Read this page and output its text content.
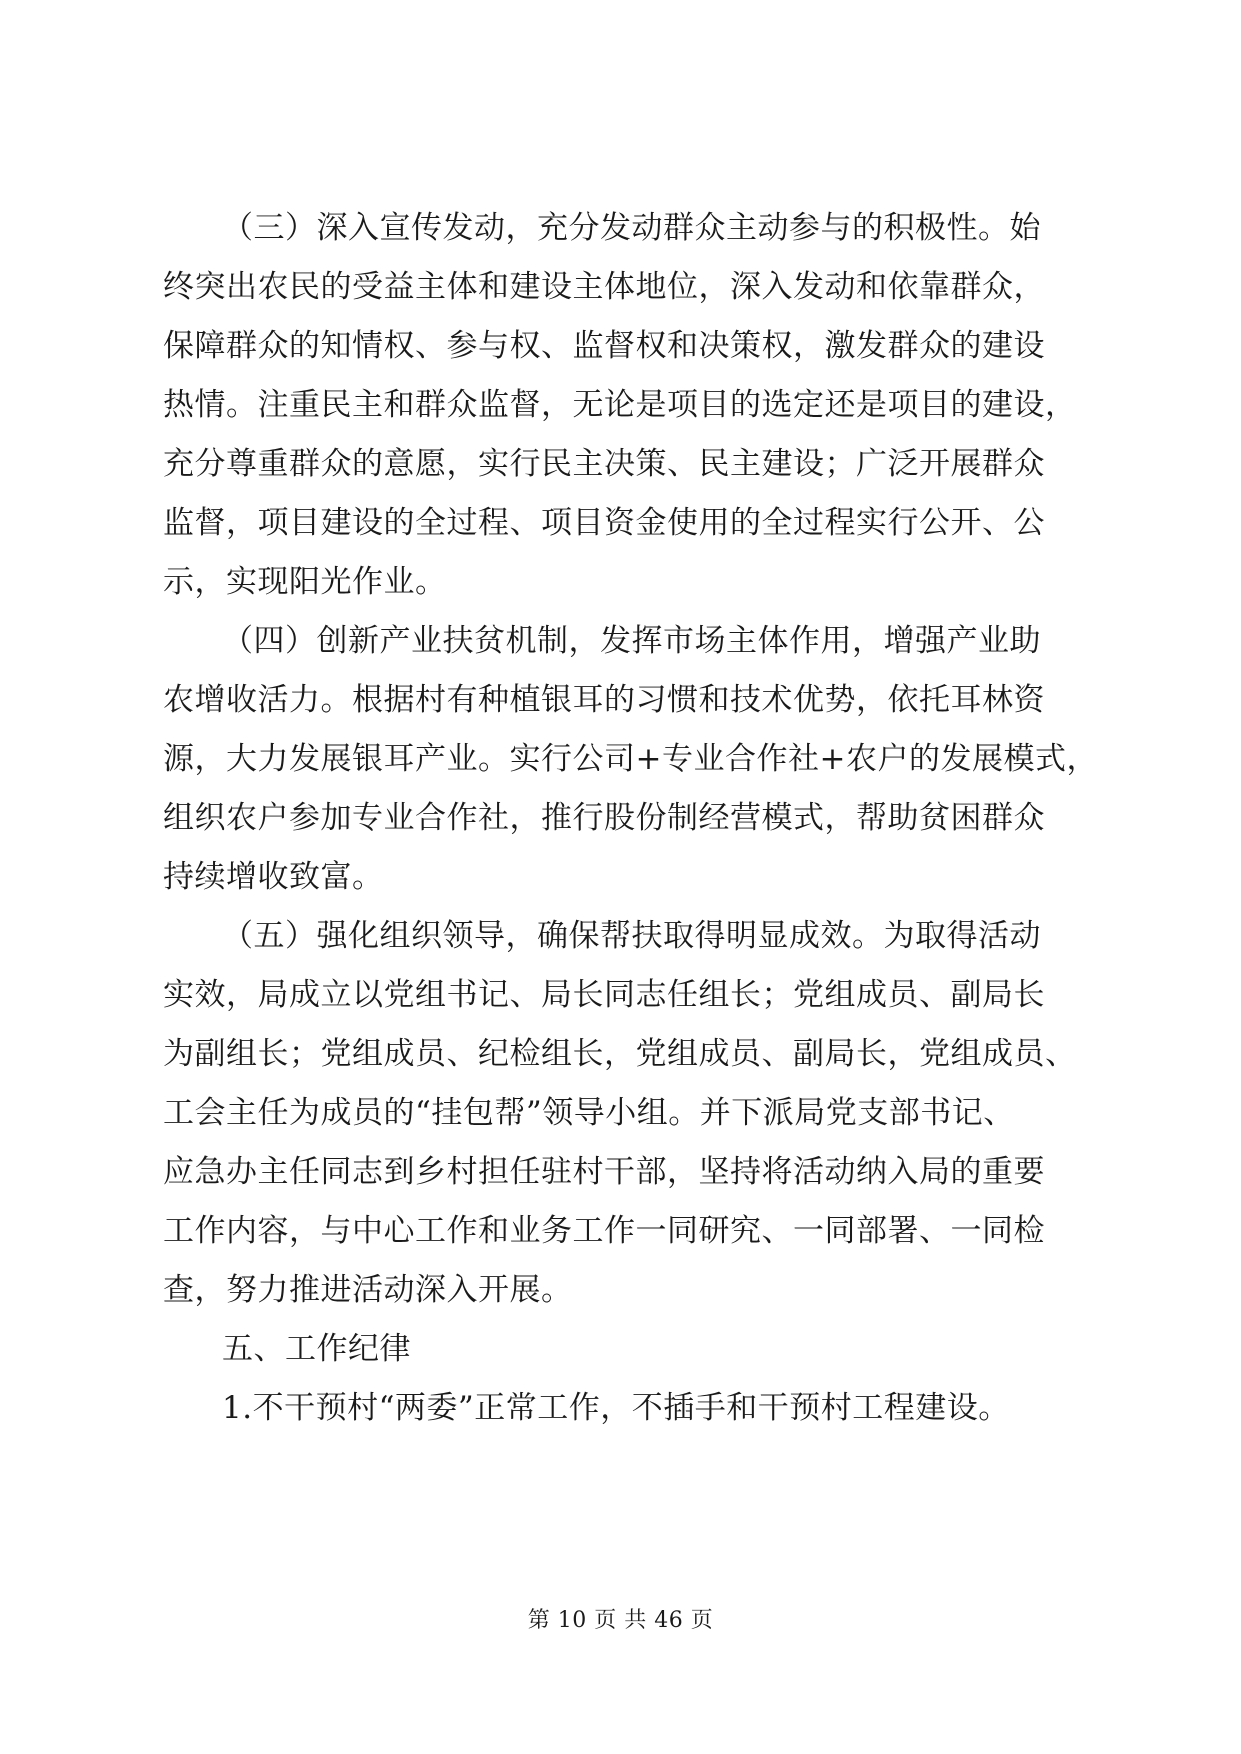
（三）深入宣传发动，充分发动群众主动参与的积极性。始
终突出农民的受益主体和建设主体地位，深入发动和依靠群众，
保障群众的知情权、参与权、监督权和决策权，激发群众的建设
热情。注重民主和群众监督，无论是项目的选定还是项目的建设，
充分尊重群众的意愿，实行民主决策、民主建设；广泛开展群众
监督，项目建设的全过程、项目资金使用的全过程实行公开、公
示，实现阳光作业。
（四）创新产业扶贫机制，发挥市场主体作用，增强产业助
农增收活力。根据村有种植银耳的习惯和技术优势，依托耳林资
源，大力发展银耳产业。实行公司+专业合作社+农户的发展模式，
组织农户参加专业合作社，推行股份制经营模式，帮助贫困群众
持续增收致富。
（五）强化组织领导，确保帮扶取得明显成效。为取得活动
实效，局成立以党组书记、局长同志任组长；党组成员、副局长
为副组长；党组成员、纪检组长，党组成员、副局长，党组成员、
工会主任为成员的“挂包帮”领导小组。并下派局党支部书记、
应急办主任同志到乡村担任驻村干部，坚持将活动纳入局的重要
工作内容，与中心工作和业务工作一同研究、一同部署、一同检
查，努力推进活动深入开展。
五、工作纪律
1.不干预村“两委”正常工作，不插手和干预村工程建设。
第 10 页 共 46 页
